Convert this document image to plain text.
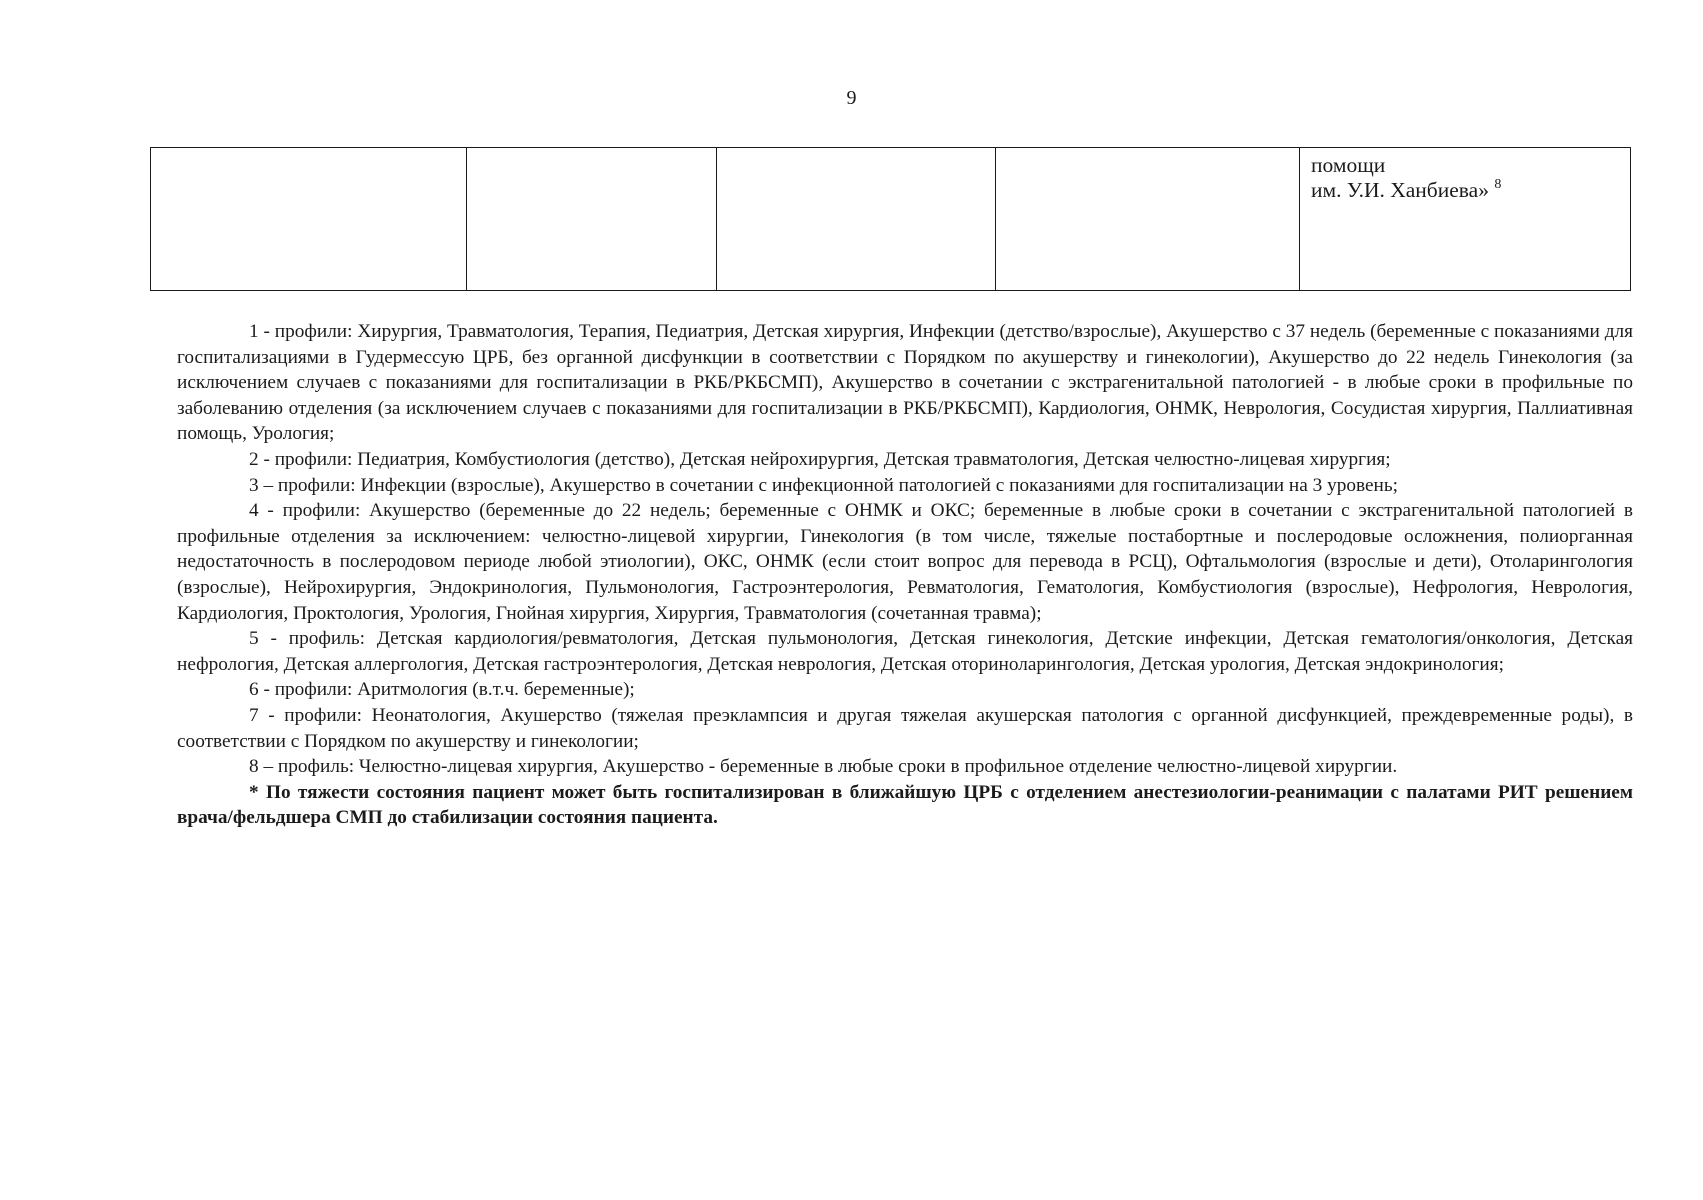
9

помощи
им. У.И. Ханбиева» $^8$

1 - профили: Хирургия, Травматология, Терапия, Педиатрия, Детская хирургия, Инфекции (детство/взрослые), Акушерство с 37 недель (беременные с показаниями для госпитализациями в Гудермессую ЦРБ, без органной дисфункции в соответствии с Порядком по акушерству и гинекологии), Акушерство до 22 недель Гинекология (за исключением случаев с показаниями для госпитализации в РКБ/РКБСМП), Акушерство в сочетании с экстрагенитальной патологией - в любые сроки в профильные по заболеванию отделения (за исключением случаев с показаниями для госпитализации в РКБ/РКБСМП), Кардиология, ОНМК, Неврология, Сосудистая хирургия, Паллиативная помощь, Урология;

2 - профили: Педиатрия, Комбустиология (детство), Детская нейрохирургия, Детская травматология, Детская челюстно-лицевая хирургия;

3 – профили: Инфекции (взрослые), Акушерство в сочетании с инфекционной патологией с показаниями для госпитализации на 3 уровень;

4 - профили: Акушерство (беременные до 22 недель; беременные с ОНМК и ОКС; беременные в любые сроки в сочетании с экстрагенитальной патологией в профильные отделения за исключением: челюстно-лицевой хирургии, Гинекология (в том числе, тяжелые постабортные и послеродовые осложнения, полиорганная недостаточность в послеродовом периоде любой этиологии), ОКС, ОНМК (если стоит вопрос для перевода в РСЦ), Офтальмология (взрослые и дети), Отоларингология (взрослые), Нейрохирургия, Эндокринология, Пульмонология, Гастроэнтерология, Ревматология, Гематология, Комбустиология (взрослые), Нефрология, Неврология, Кардиология, Проктология, Урология, Гнойная хирургия, Хирургия, Травматология (сочетанная травма);

5 - профиль: Детская кардиология/ревматология, Детская пульмонология, Детская гинекология, Детские инфекции, Детская гематология/онкология, Детская нефрология, Детская аллергология, Детская гастроэнтерология, Детская неврология, Детская оториноларингология, Детская урология, Детская эндокринология;

6 - профили: Аритмология (в.т.ч. беременные);

7 - профили: Неонатология, Акушерство (тяжелая преэклампсия и другая тяжелая акушерская патология с органной дисфункцией, преждевременные роды), в соответствии с Порядком по акушерству и гинекологии;

8 – профиль: Челюстно-лицевая хирургия, Акушерство - беременные в любые сроки в профильное отделение челюстно-лицевой хирургии.

* По тяжести состояния пациент может быть госпитализирован в ближайшую ЦРБ с отделением анестезиологии-реанимации с палатами РИТ решением врача/фельдшера СМП до стабилизации состояния пациента.
